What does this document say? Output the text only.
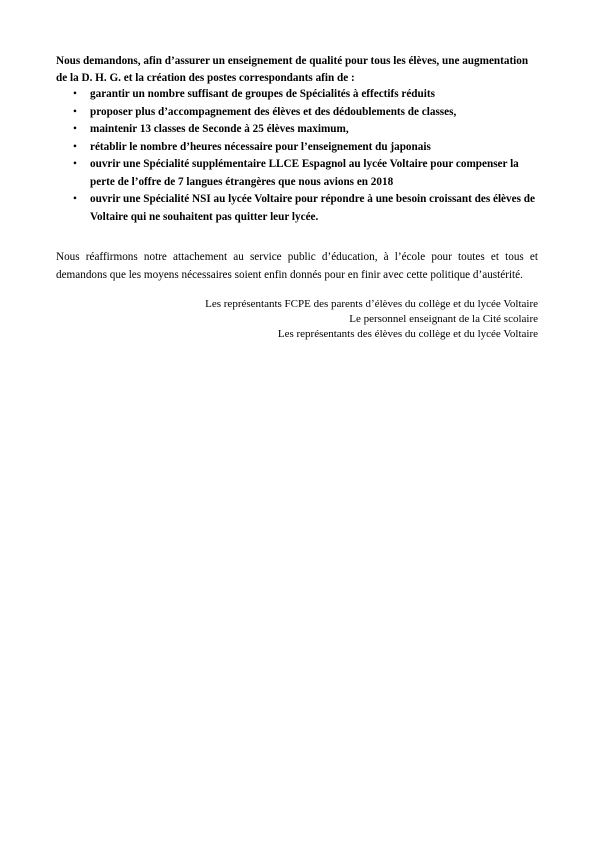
Nous demandons, afin d’assurer un enseignement de qualité pour tous les élèves, une augmentation de la D. H. G. et la création des postes correspondants afin de :

• garantir un nombre suffisant de groupes de Spécialités à effectifs réduits
• proposer plus d’accompagnement des élèves et des dédoublements de classes,
• maintenir 13 classes de Seconde à 25 élèves maximum,
• rétablir le nombre d’heures nécessaire pour l’enseignement du japonais
• ouvrir une Spécialité supplémentaire LLCE Espagnol au lycée Voltaire pour compenser la perte de l’offre de 7 langues étrangères que nous avions en 2018
• ouvrir une Spécialité NSI au lycée Voltaire pour répondre à une besoin croissant des élèves de Voltaire qui ne souhaitent pas quitter leur lycée.

Nous réaffirmons notre attachement au service public d’éducation, à l’école pour toutes et tous et demandons que les moyens nécessaires soient enfin donnés pour en finir avec cette politique d’austérité.

Les représentants FCPE des parents d’élèves du collège et du lycée Voltaire
Le personnel enseignant de la Cité scolaire
Les représentants des élèves du collège et du lycée Voltaire
